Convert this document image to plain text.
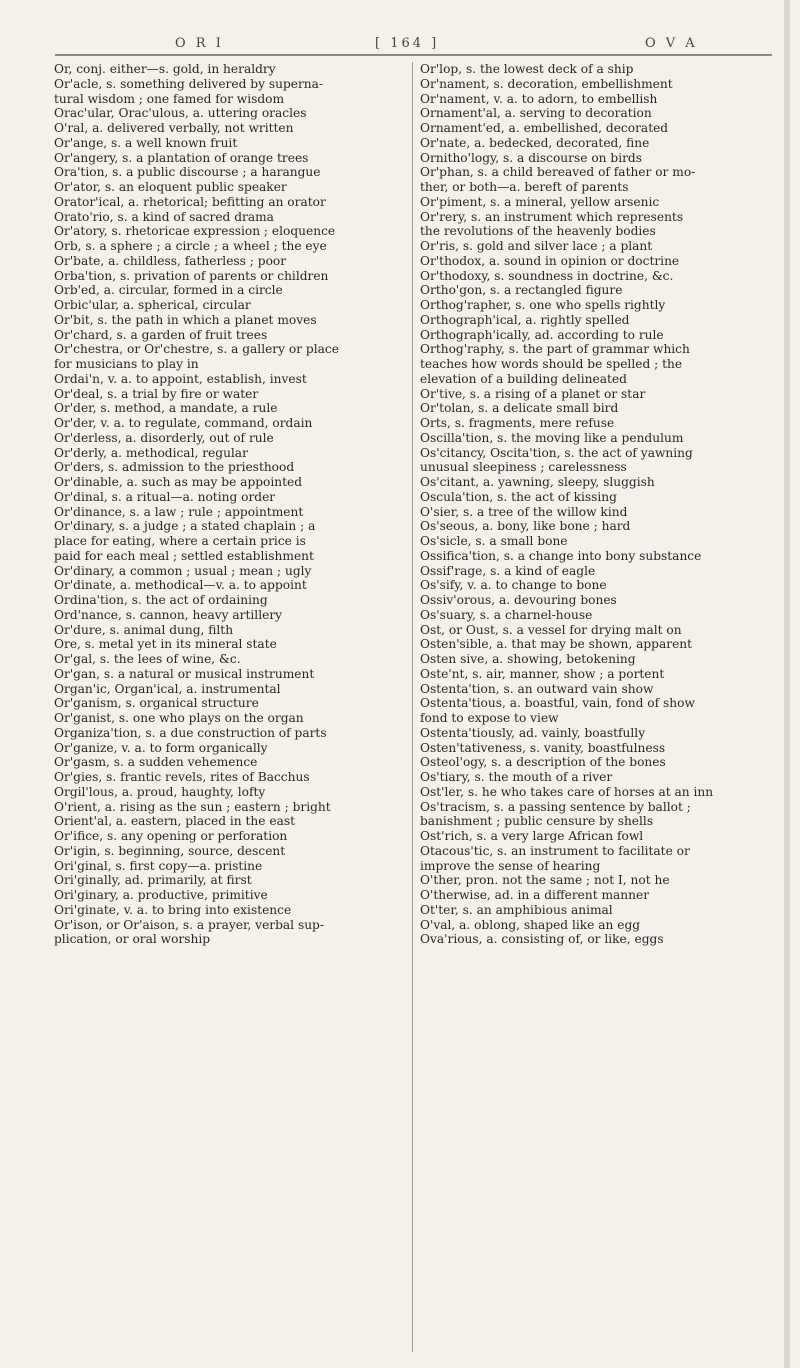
O R I	[ 164 ]	O V A

Or, conj. either—s. gold, in heraldry

Or'acle, s. something delivered by superna-

tural wisdom ; one famed for wisdom

Orac'ular, Orac'ulous, a. uttering oracles

O'ral, a. delivered verbally, not written

Or'ange, s. a well known fruit

Or'angery, s. a plantation of orange trees

Ora'tion, s. a public discourse ; a harangue

Or'ator, s. an eloquent public speaker

Orator'ical, a. rhetorical; befitting an orator

Orato'rio, s. a kind of sacred drama

Or'atory, s. rhetoricae expression ; eloquence

Orb, s. a sphere ; a circle ; a wheel ; the eye

Or'bate, a. childless, fatherless ; poor

Orba'tion, s. privation of parents or children

Orb'ed, a. circular, formed in a circle

Orbic'ular, a. spherical, circular

Or'bit, s. the path in which a planet moves

Or'chard, s. a garden of fruit trees

Or'chestra, or Or'chestre, s. a gallery or place

for musicians to play in

Ordai'n, v. a. to appoint, establish, invest

Or'deal, s. a trial by fire or water

Or'der, s. method, a mandate, a rule

Or'der, v. a. to regulate, command, ordain

Or'derless, a. disorderly, out of rule

Or'derly, a. methodical, regular

Or'ders, s. admission to the priesthood

Or'dinable, a. such as may be appointed

Or'dinal, s. a ritual—a. noting order

Or'dinance, s. a law ; rule ; appointment

Or'dinary, s. a judge ; a stated chaplain ; a

place for eating, where a certain price is

paid for each meal ; settled establishment

Or'dinary, a common ; usual ; mean ; ugly

Or'dinate, a. methodical—v. a. to appoint

Ordina'tion, s. the act of ordaining

Ord'nance, s. cannon, heavy artillery

Or'dure, s. animal dung, filth

Ore, s. metal yet in its mineral state

Or'gal, s. the lees of wine, &c.

Or'gan, s. a natural or musical instrument

Organ'ic, Organ'ical, a. instrumental

Or'ganism, s. organical structure

Or'ganist, s. one who plays on the organ

Organiza'tion, s. a due construction of parts

Or'ganize, v. a. to form organically

Or'gasm, s. a sudden vehemence

Or'gies, s. frantic revels, rites of Bacchus

Orgil'lous, a. proud, haughty, lofty

O'rient, a. rising as the sun ; eastern ; bright

Orient'al, a. eastern, placed in the east

Or'ifice, s. any opening or perforation

Or'igin, s. beginning, source, descent

Ori'ginal, s. first copy—a. pristine

Ori'ginally, ad. primarily, at first

Ori'ginary, a. productive, primitive

Ori'ginate, v. a. to bring into existence

Or'ison, or Or'aison, s. a prayer, verbal sup-

plication, or oral worship

Or'lop, s. the lowest deck of a ship

Or'nament, s. decoration, embellishment

Or'nament, v. a. to adorn, to embellish

Ornament'al, a. serving to decoration

Ornament'ed, a. embellished, decorated

Or'nate, a. bedecked, decorated, fine

Ornitho'logy, s. a discourse on birds

Or'phan, s. a child bereaved of father or mo-

ther, or both—a. bereft of parents

Or'piment, s. a mineral, yellow arsenic

Or'rery, s. an instrument which represents

the revolutions of the heavenly bodies

Or'ris, s. gold and silver lace ; a plant

Or'thodox, a. sound in opinion or doctrine

Or'thodoxy, s. soundness in doctrine, &c.

Ortho'gon, s. a rectangled figure

Orthog'rapher, s. one who spells rightly

Orthograph'ical, a. rightly spelled

Orthograph'ically, ad. according to rule

Orthog'raphy, s. the part of grammar which

teaches how words should be spelled ; the

elevation of a building delineated

Or'tive, s. a rising of a planet or star

Or'tolan, s. a delicate small bird

Orts, s. fragments, mere refuse

Oscilla'tion, s. the moving like a pendulum

Os'citancy, Oscita'tion, s. the act of yawning

unusual sleepiness ; carelessness

Os'citant, a. yawning, sleepy, sluggish

Oscula'tion, s. the act of kissing

O'sier, s. a tree of the willow kind

Os'seous, a. bony, like bone ; hard

Os'sicle, s. a small bone

Ossifica'tion, s. a change into bony substance

Ossif'rage, s. a kind of eagle

Os'sify, v. a. to change to bone

Ossiv'orous, a. devouring bones

Os'suary, s. a charnel-house

Ost, or Oust, s. a vessel for drying malt on

Osten'sible, a. that may be shown, apparent

Osten sive, a. showing, betokening

Oste'nt, s. air, manner, show ; a portent

Ostenta'tion, s. an outward vain show

Ostenta'tious, a. boastful, vain, fond of show

fond to expose to view

Ostenta'tiously, ad. vainly, boastfully

Osten'tativeness, s. vanity, boastfulness

Osteol'ogy, s. a description of the bones

Os'tiary, s. the mouth of a river

Ost'ler, s. he who takes care of horses at an inn

Os'tracism, s. a passing sentence by ballot ;

banishment ; public censure by shells

Ost'rich, s. a very large African fowl

Otacous'tic, s. an instrument to facilitate or

improve the sense of hearing

O'ther, pron. not the same ; not I, not he

O'therwise, ad. in a different manner

Ot'ter, s. an amphibious animal

O'val, a. oblong, shaped like an egg

Ova'rious, a. consisting of, or like, eggs
